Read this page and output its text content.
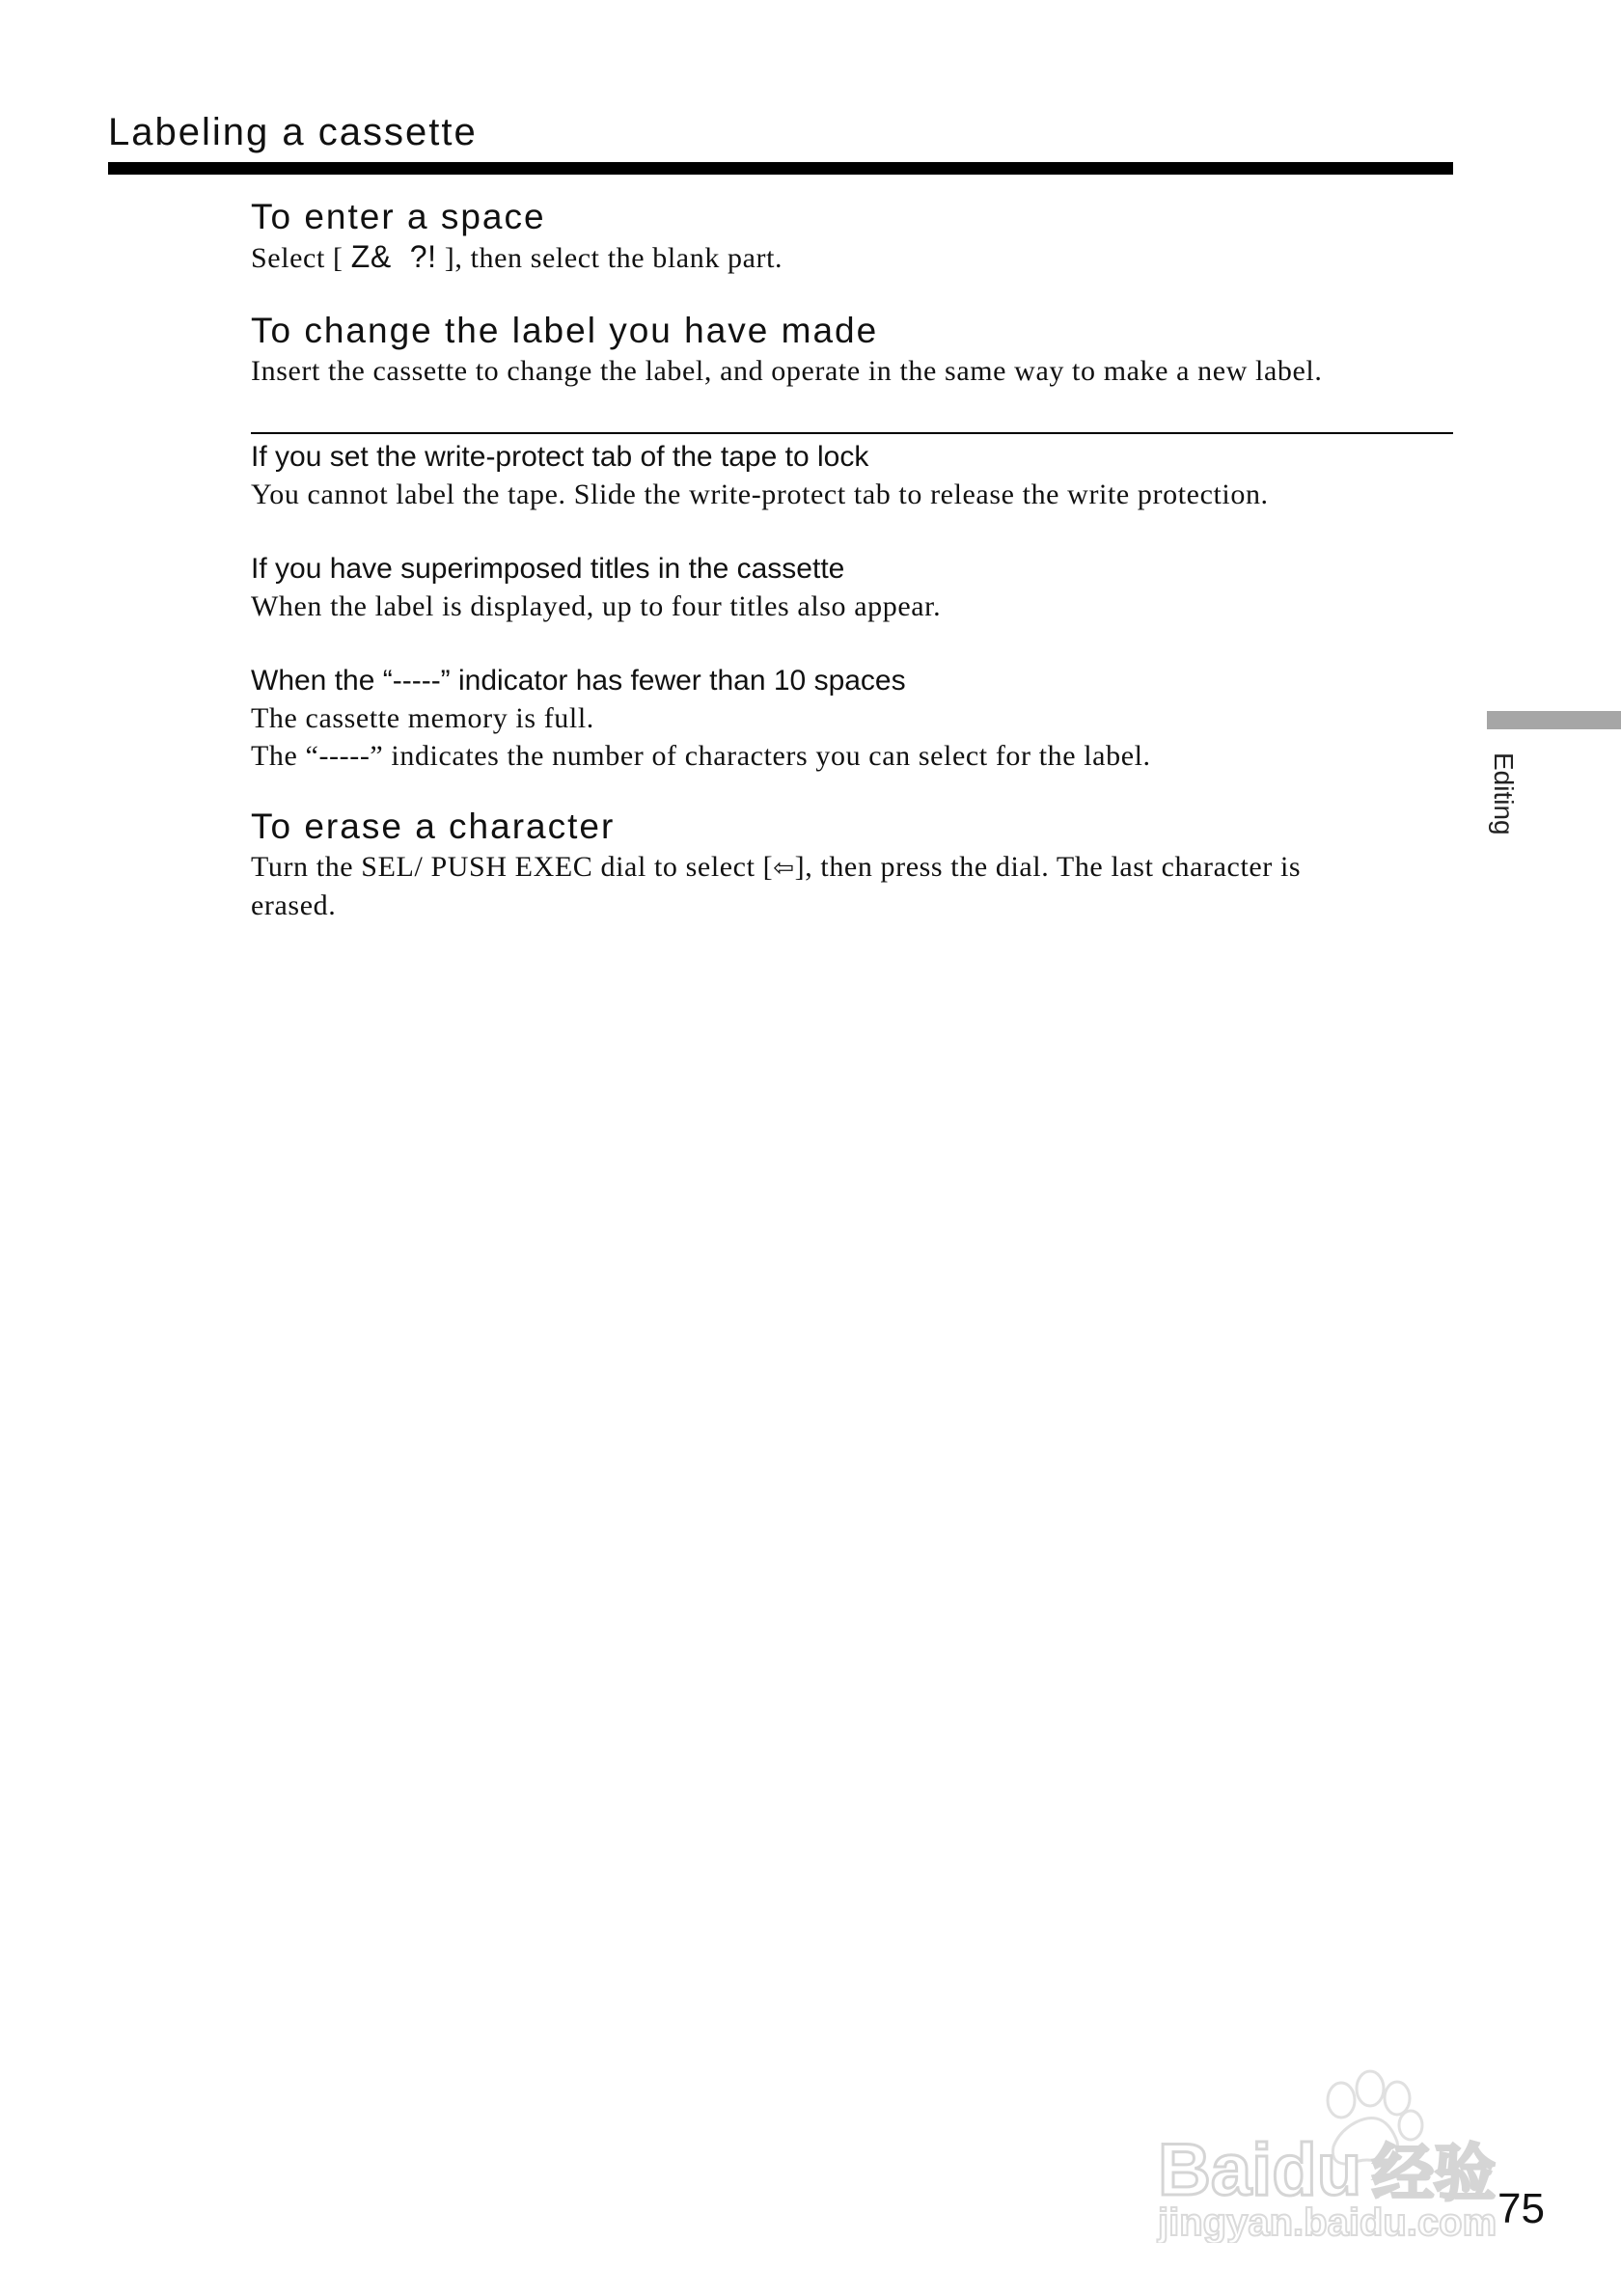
Labeling a cassette
To enter a space
Select [ Z&  ?! ], then select the blank part.
To change the label you have made
Insert the cassette to change the label, and operate in the same way to make a new label.
If you set the write-protect tab of the tape to lock
You cannot label the tape. Slide the write-protect tab to release the write protection.
If you have superimposed titles in the cassette
When the label is displayed, up to four titles also appear.
When the “-----” indicator has fewer than 10 spaces
The cassette memory is full.
The “-----” indicates the number of characters you can select for the label.
To erase a character
Turn the SEL/ PUSH EXEC dial to select [⇦], then press the dial. The last character is
erased.
Editing
Baidu 经验
jingyan.baidu.com 75
